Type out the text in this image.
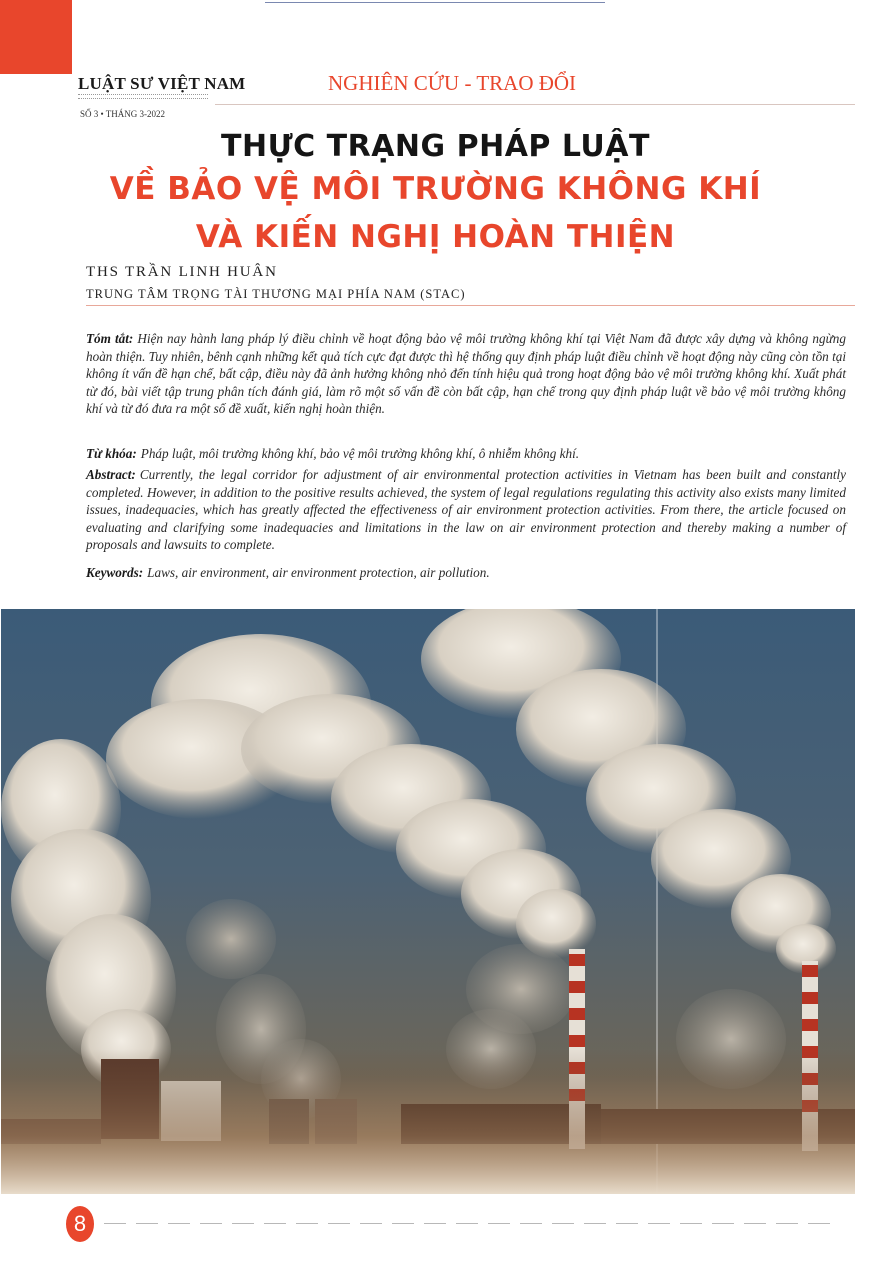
LUẬT SƯ VIỆT NAM
SỐ 3 • THÁNG 3-2022
NGHIÊN CỨU - TRAO ĐỔI
THỰC TRẠNG PHÁP LUẬT
VỀ BẢO VỆ MÔI TRƯỜNG KHÔNG KHÍ
VÀ KIẾN NGHỊ HOÀN THIỆN
THS TRẦN LINH HUÂN
TRUNG TÂM TRỌNG TÀI THƯƠNG MẠI PHÍA NAM (STAC)
Tóm tắt: Hiện nay hành lang pháp lý điều chỉnh về hoạt động bảo vệ môi trường không khí tại Việt Nam đã được xây dựng và không ngừng hoàn thiện. Tuy nhiên, bênh cạnh những kết quả tích cực đạt được thì hệ thống quy định pháp luật điều chỉnh về hoạt động này cũng còn tồn tại không ít vấn đề hạn chế, bất cập, điều này đã ảnh hưởng không nhỏ đến tính hiệu quả trong hoạt động bảo vệ môi trường không khí. Xuất phát từ đó, bài viết tập trung phân tích đánh giá, làm rõ một số vấn đề còn bất cập, hạn chế trong quy định pháp luật về bảo vệ môi trường không khí và từ đó đưa ra một số đề xuất, kiến nghị hoàn thiện.
Từ khóa: Pháp luật, môi trường không khí, bảo vệ môi trường không khí, ô nhiễm không khí.
Abstract: Currently, the legal corridor for adjustment of air environmental protection activities in Vietnam has been built and constantly completed. However, in addition to the positive results achieved, the system of legal regulations regulating this activity also exists many limited issues, inadequacies, which has greatly affected the effectiveness of air environment protection activities. From there, the article focused on evaluating and clarifying some inadequacies and limitations in the law on air environment protection and thereby making a number of proposals and lawsuits to complete.
Keywords: Laws, air environment, air environment protection, air pollution.
8
